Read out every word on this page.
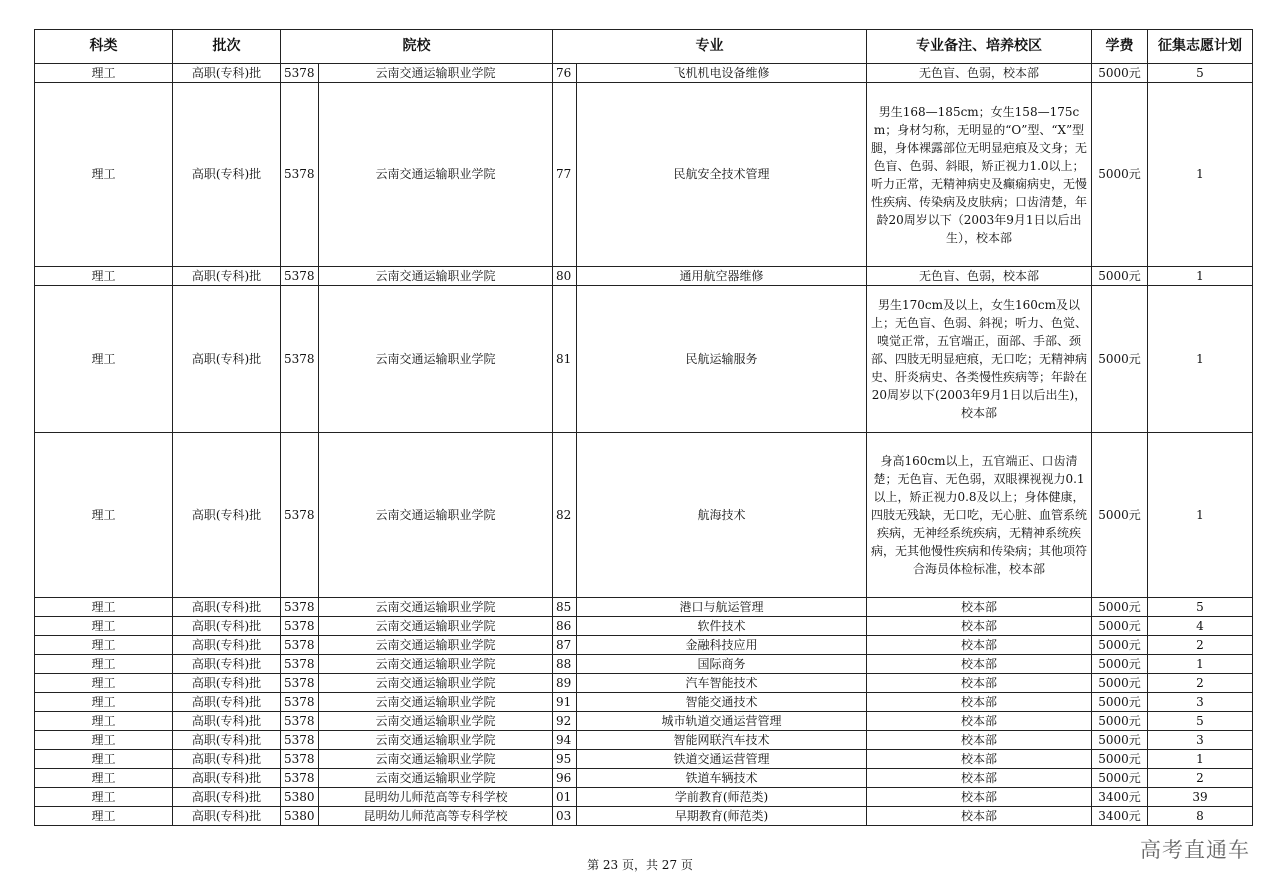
科类	批次	院校		专业		专业备注、培养校区	学费	征集志愿计划
理工	高职(专科)批	5378	云南交通运输职业学院	76	飞机机电设备维修	无色盲、色弱，校本部	5000元	5
理工	高职(专科)批	5378	云南交通运输职业学院	77	民航安全技术管理	男生168—185cm；女生158—175cm；身材匀称，无明显的“O”型、“X”型腿，身体裸露部位无明显疤痕及文身；无色盲、色弱、斜眼，矫正视力1.0以上；听力正常，无精神病史及癫痫病史，无慢性疾病、传染病及皮肤病；口齿清楚，年龄20周岁以下（2003年9月1日以后出生），校本部	5000元	1
理工	高职(专科)批	5378	云南交通运输职业学院	80	通用航空器维修	无色盲、色弱，校本部	5000元	1
理工	高职(专科)批	5378	云南交通运输职业学院	81	民航运输服务	男生170cm及以上，女生160cm及以上；无色盲、色弱、斜视；听力、色觉、嗅觉正常，五官端正，面部、手部、颈部、四肢无明显疤痕，无口吃；无精神病史、肝炎病史、各类慢性疾病等；年龄在20周岁以下(2003年9月1日以后出生)，校本部	5000元	1
理工	高职(专科)批	5378	云南交通运输职业学院	82	航海技术	身高160cm以上，五官端正、口齿清楚；无色盲、无色弱，双眼裸视视力0.1以上，矫正视力0.8及以上；身体健康，四肢无残缺，无口吃，无心脏、血管系统疾病，无神经系统疾病，无精神系统疾病，无其他慢性疾病和传染病；其他项符合海员体检标准，校本部	5000元	1
理工	高职(专科)批	5378	云南交通运输职业学院	85	港口与航运管理	校本部	5000元	5
理工	高职(专科)批	5378	云南交通运输职业学院	86	软件技术	校本部	5000元	4
理工	高职(专科)批	5378	云南交通运输职业学院	87	金融科技应用	校本部	5000元	2
理工	高职(专科)批	5378	云南交通运输职业学院	88	国际商务	校本部	5000元	1
理工	高职(专科)批	5378	云南交通运输职业学院	89	汽车智能技术	校本部	5000元	2
理工	高职(专科)批	5378	云南交通运输职业学院	91	智能交通技术	校本部	5000元	3
理工	高职(专科)批	5378	云南交通运输职业学院	92	城市轨道交通运营管理	校本部	5000元	5
理工	高职(专科)批	5378	云南交通运输职业学院	94	智能网联汽车技术	校本部	5000元	3
理工	高职(专科)批	5378	云南交通运输职业学院	95	铁道交通运营管理	校本部	5000元	1
理工	高职(专科)批	5378	云南交通运输职业学院	96	铁道车辆技术	校本部	5000元	2
理工	高职(专科)批	5380	昆明幼儿师范高等专科学校	01	学前教育(师范类)	校本部	3400元	39
理工	高职(专科)批	5380	昆明幼儿师范高等专科学校	03	早期教育(师范类)	校本部	3400元	8
第 23 页，共 27 页
高考直通车
